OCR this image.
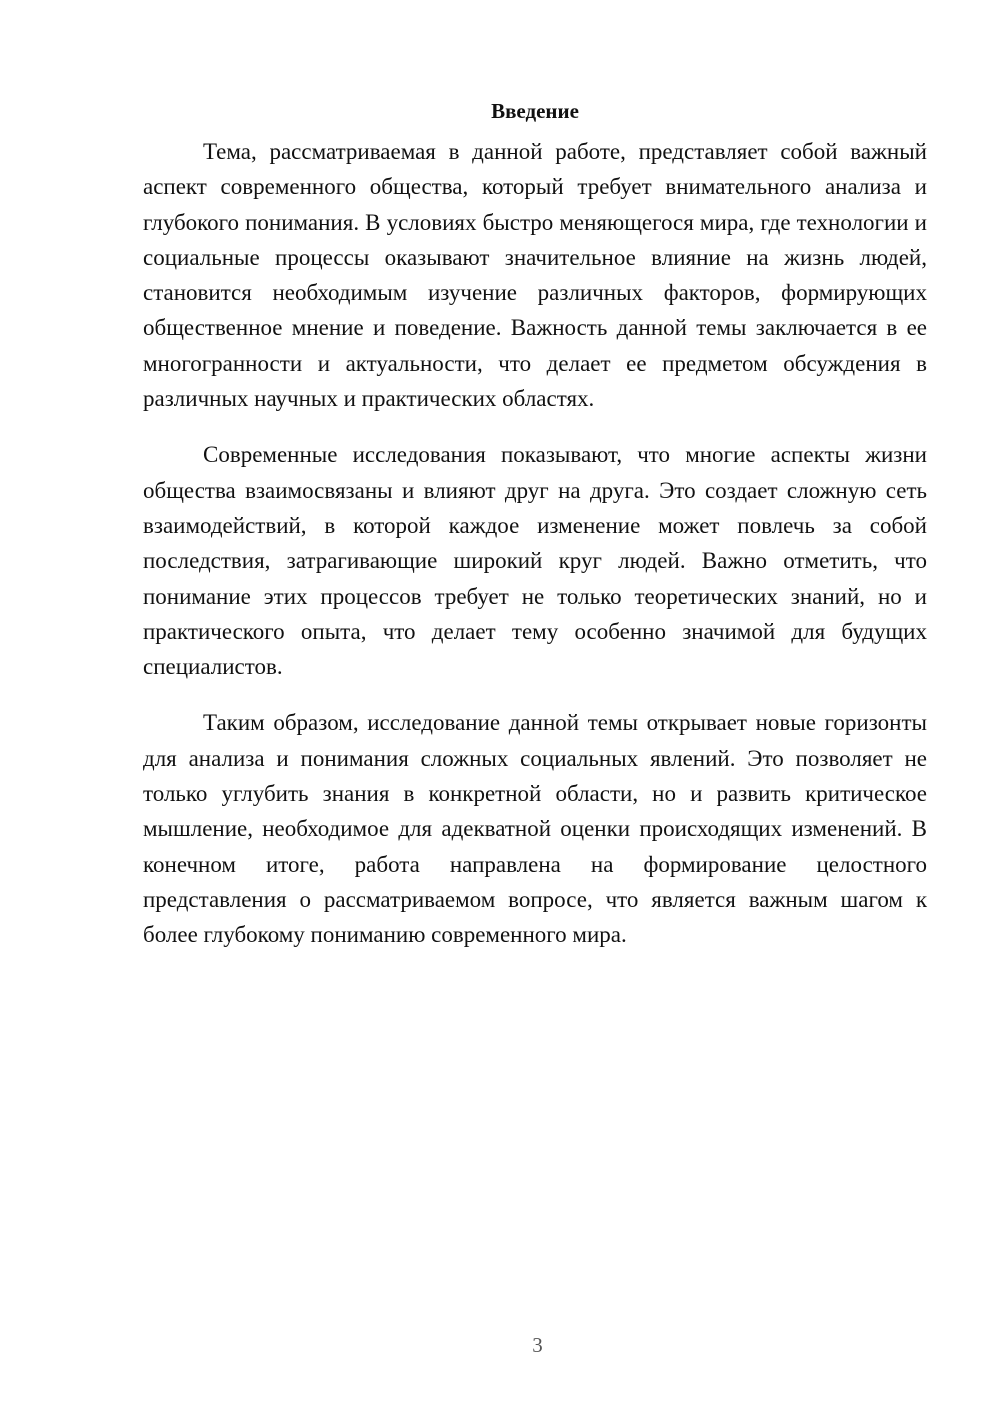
Введение

Тема, рассматриваемая в данной работе, представляет собой важный аспект современного общества, который требует внимательного анализа и глубокого понимания. В условиях быстро меняющегося мира, где технологии и социальные процессы оказывают значительное влияние на жизнь людей, становится необходимым изучение различных факторов, формирующих общественное мнение и поведение. Важность данной темы заключается в ее многогранности и актуальности, что делает ее предметом обсуждения в различных научных и практических областях.

Современные исследования показывают, что многие аспекты жизни общества взаимосвязаны и влияют друг на друга. Это создает сложную сеть взаимодействий, в которой каждое изменение может повлечь за собой последствия, затрагивающие широкий круг людей. Важно отметить, что понимание этих процессов требует не только теоретических знаний, но и практического опыта, что делает тему особенно значимой для будущих специалистов.

Таким образом, исследование данной темы открывает новые горизонты для анализа и понимания сложных социальных явлений. Это позволяет не только углубить знания в конкретной области, но и развить критическое мышление, необходимое для адекватной оценки происходящих изменений. В конечном итоге, работа направлена на формирование целостного представления о рассматриваемом вопросе, что является важным шагом к более глубокому пониманию современного мира.

3
